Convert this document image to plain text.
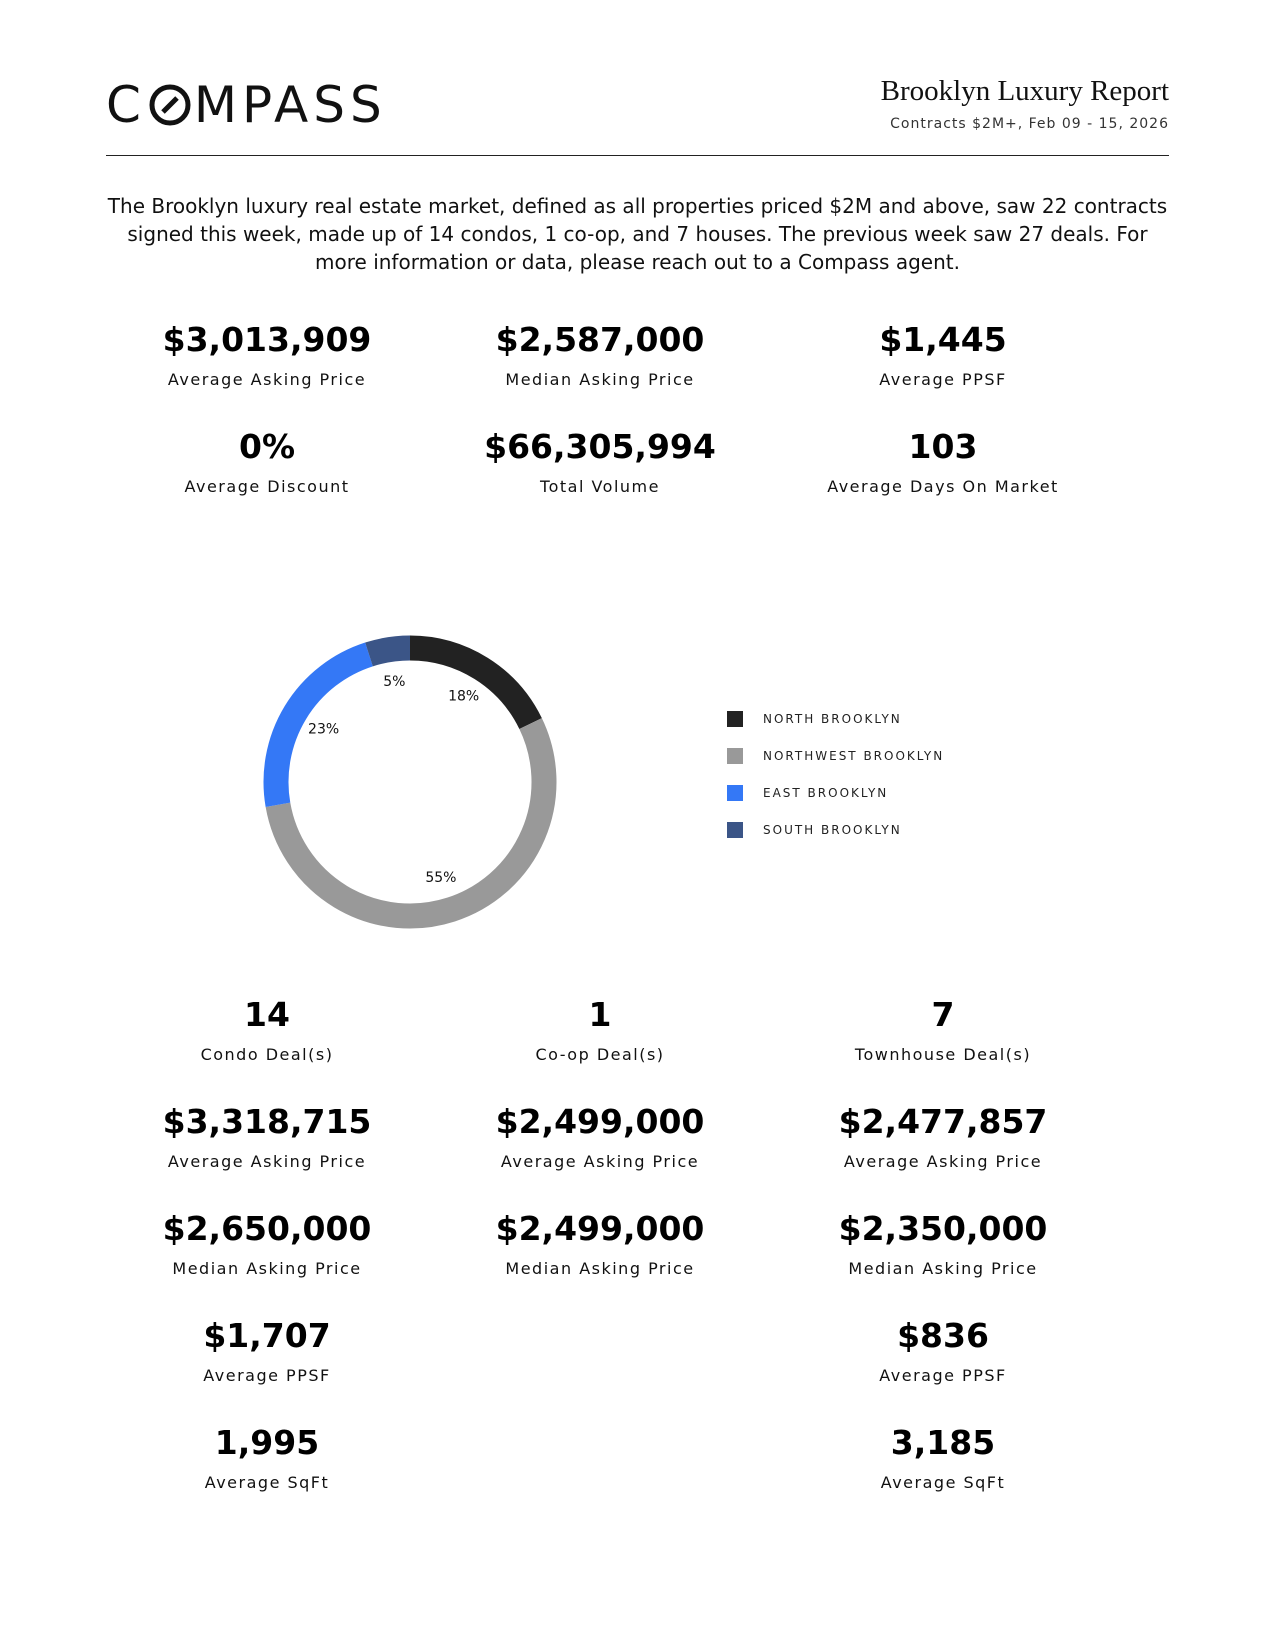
C MPASS	Brooklyn Luxury Report
Contracts $2M+, Feb 09 - 15, 2026
The Brooklyn luxury real estate market, defined as all properties priced $2M and above, saw 22 contracts signed this week, made up of 14 condos, 1 co-op, and 7 houses. The previous week saw 27 deals. For more information or data, please reach out to a Compass agent.
$3,013,909
Average Asking Price
$2,587,000
Median Asking Price
$1,445
Average PPSF
0%
Average Discount
$66,305,994
Total Volume
103
Average Days On Market
18%
55%
23%
5%
NORTH BROOKLYN
NORTHWEST BROOKLYN
EAST BROOKLYN
SOUTH BROOKLYN
14
Condo Deal(s)
$3,318,715
Average Asking Price
$2,650,000
Median Asking Price
$1,707
Average PPSF
1,995
Average SqFt
1
Co-op Deal(s)
$2,499,000
Average Asking Price
$2,499,000
Median Asking Price
7
Townhouse Deal(s)
$2,477,857
Average Asking Price
$2,350,000
Median Asking Price
$836
Average PPSF
3,185
Average SqFt
